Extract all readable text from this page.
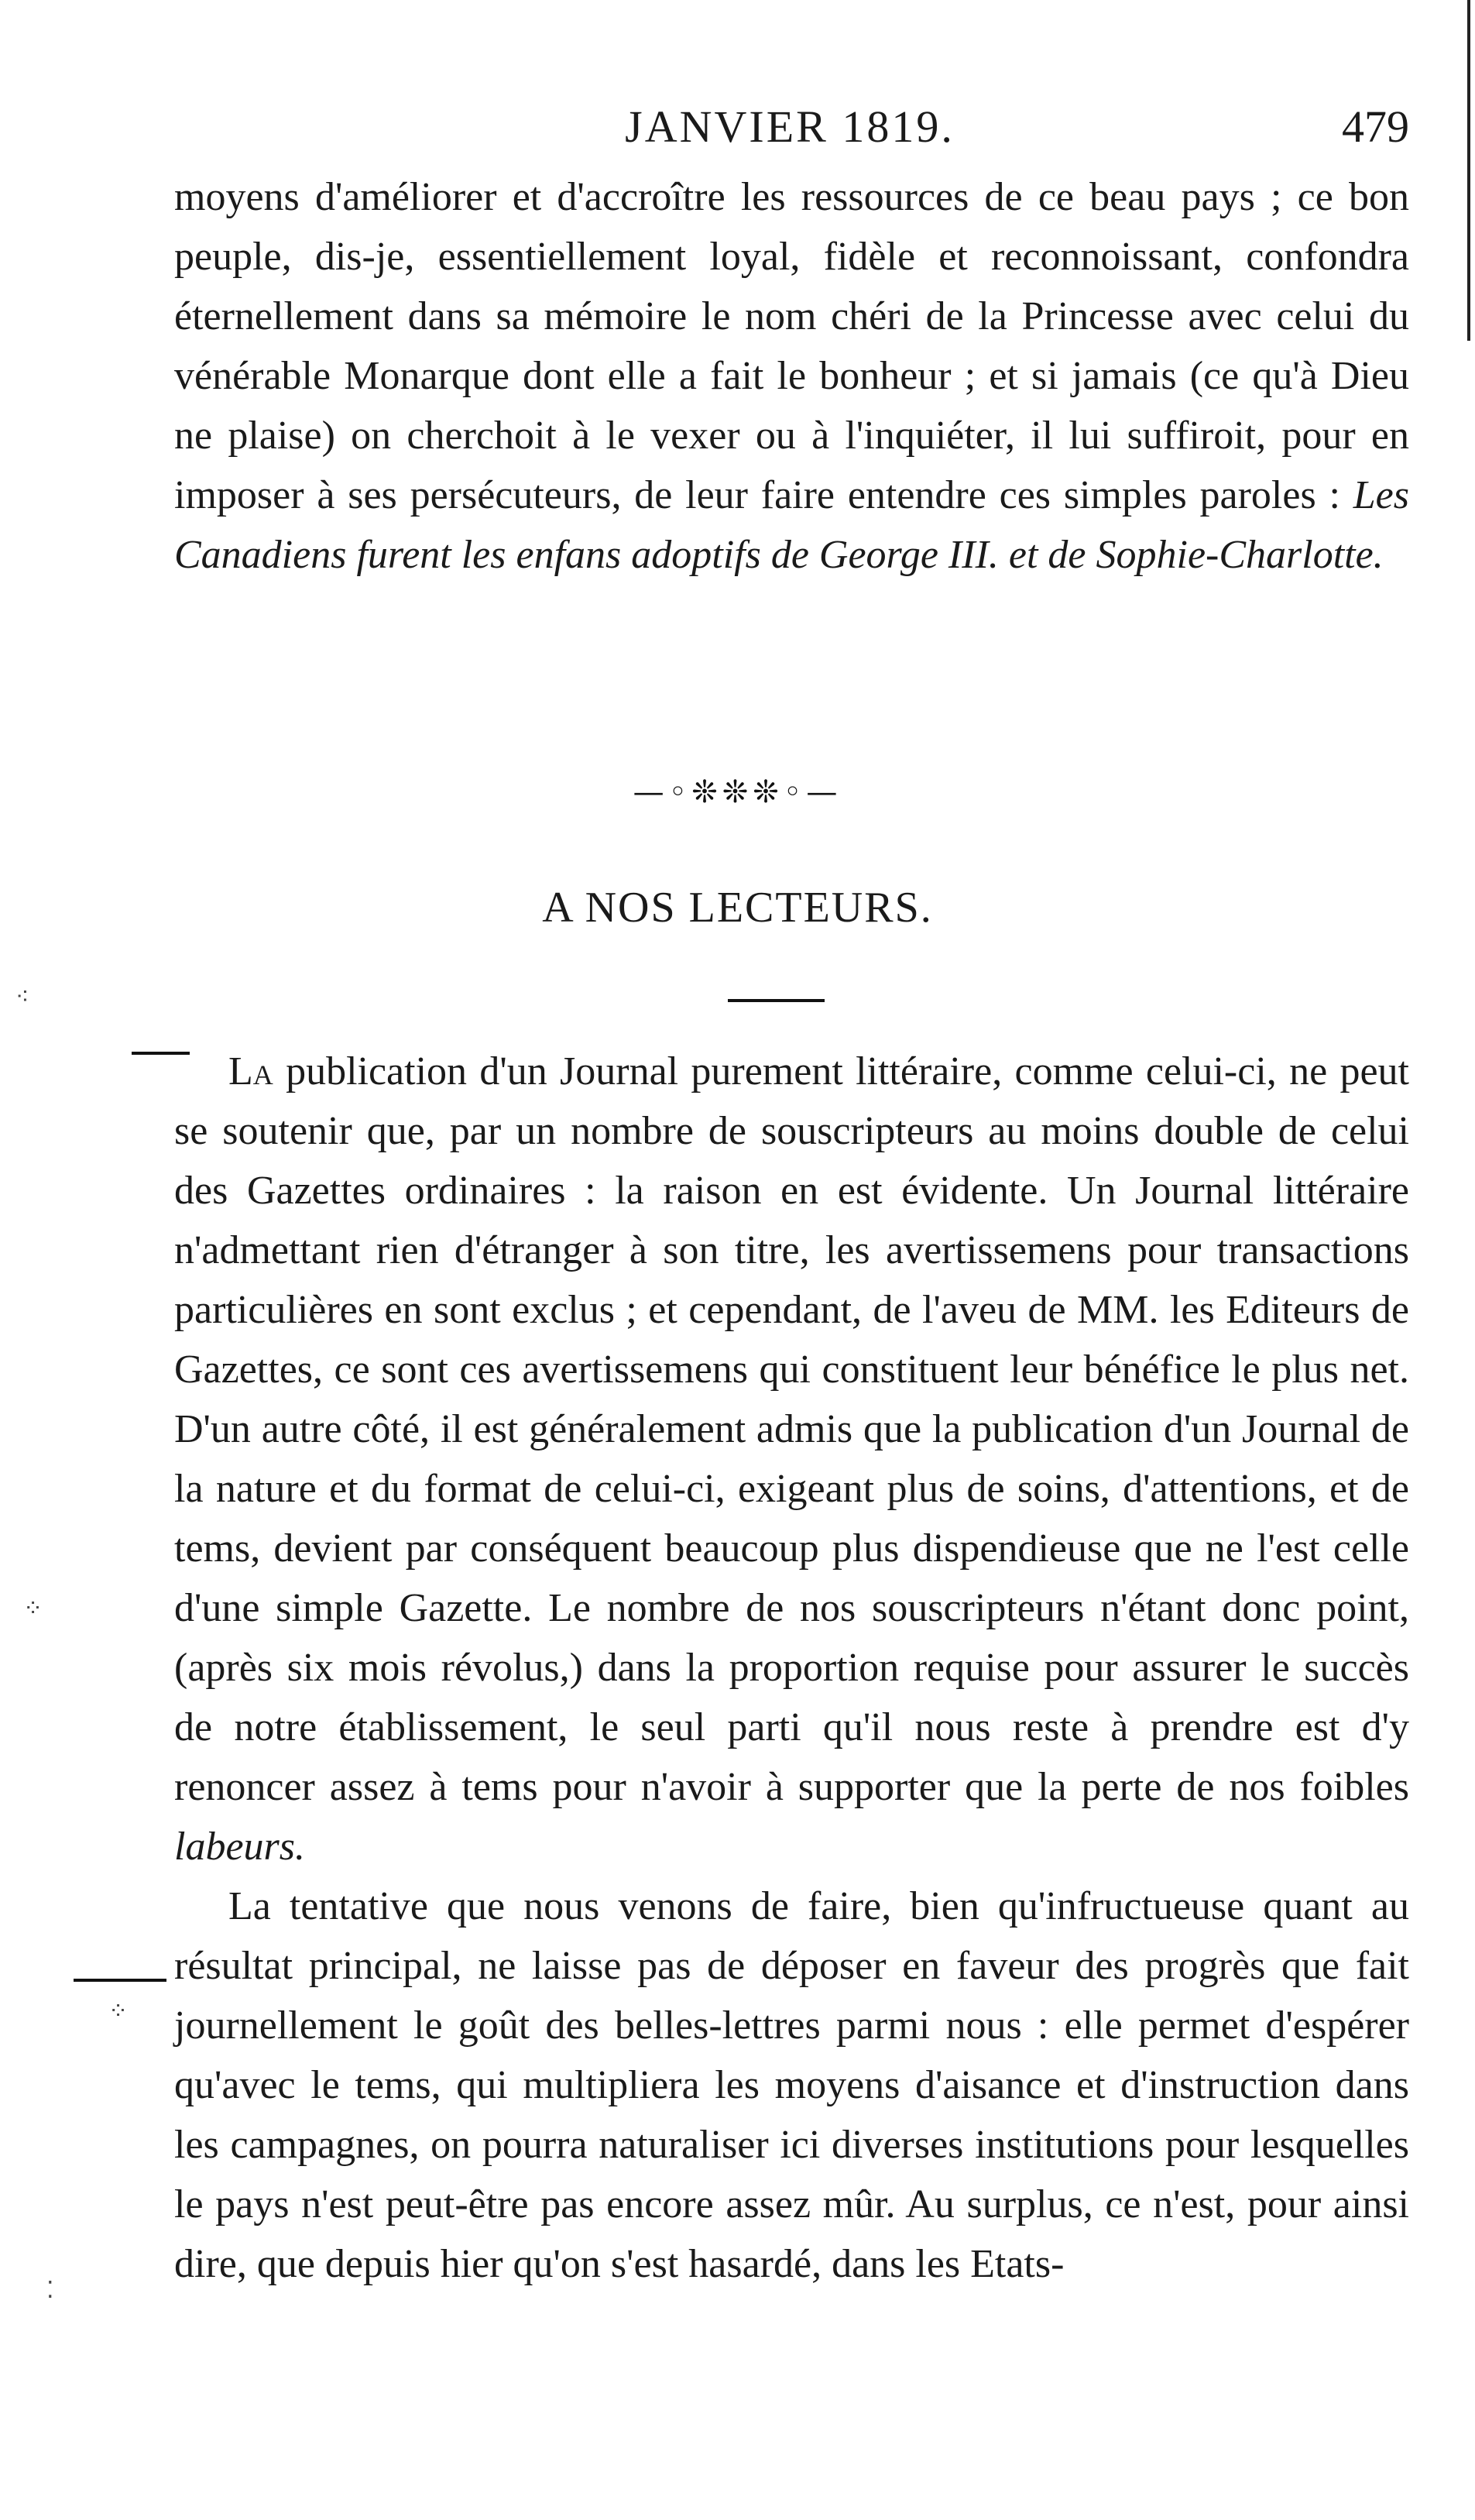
JANVIER 1819.	479
moyens d'améliorer et d'accroître les ressources de ce beau pays ; ce bon peuple, dis-je, essentiellement loyal, fidèle et reconnoissant, confondra éternellement dans sa mémoire le nom chéri de la Princesse avec celui du vénérable Monarque dont elle a fait le bonheur ; et si jamais (ce qu'à Dieu ne plaise) on cherchoit à le vexer ou à l'inquiéter, il lui suffiroit, pour en imposer à ses persécuteurs, de leur faire entendre ces simples paroles : Les Canadiens furent les enfans adoptifs de George III. et de Sophie-Charlotte.
—◦❊❊❊◦—
A NOS LECTEURS.

La publication d'un Journal purement littéraire, comme celui-ci, ne peut se soutenir que, par un nombre de souscripteurs au moins double de celui des Gazettes ordinaires : la raison en est évidente. Un Journal littéraire n'admettant rien d'étranger à son titre, les avertissemens pour transactions particulières en sont exclus ; et cependant, de l'aveu de MM. les Editeurs de Gazettes, ce sont ces avertissemens qui constituent leur bénéfice le plus net. D'un autre côté, il est généralement admis que la publication d'un Journal de la nature et du format de celui-ci, exigeant plus de soins, d'attentions, et de tems, devient par conséquent beaucoup plus dispendieuse que ne l'est celle d'une simple Gazette. Le nombre de nos souscripteurs n'étant donc point, (après six mois révolus,) dans la proportion requise pour assurer le succès de notre établissement, le seul parti qu'il nous reste à prendre est d'y renoncer assez à tems pour n'avoir à supporter que la perte de nos foibles labeurs.

La tentative que nous venons de faire, bien qu'infructueuse quant au résultat principal, ne laisse pas de déposer en faveur des progrès que fait journellement le goût des belles-lettres parmi nous : elle permet d'espérer qu'avec le tems, qui multipliera les moyens d'aisance et d'instruction dans les campagnes, on pourra naturaliser ici diverses institutions pour lesquelles le pays n'est peut-être pas encore assez mûr. Au surplus, ce n'est, pour ainsi dire, que depuis hier qu'on s'est hasardé, dans les Etats-

⁖
⁘
⁘
⁚
